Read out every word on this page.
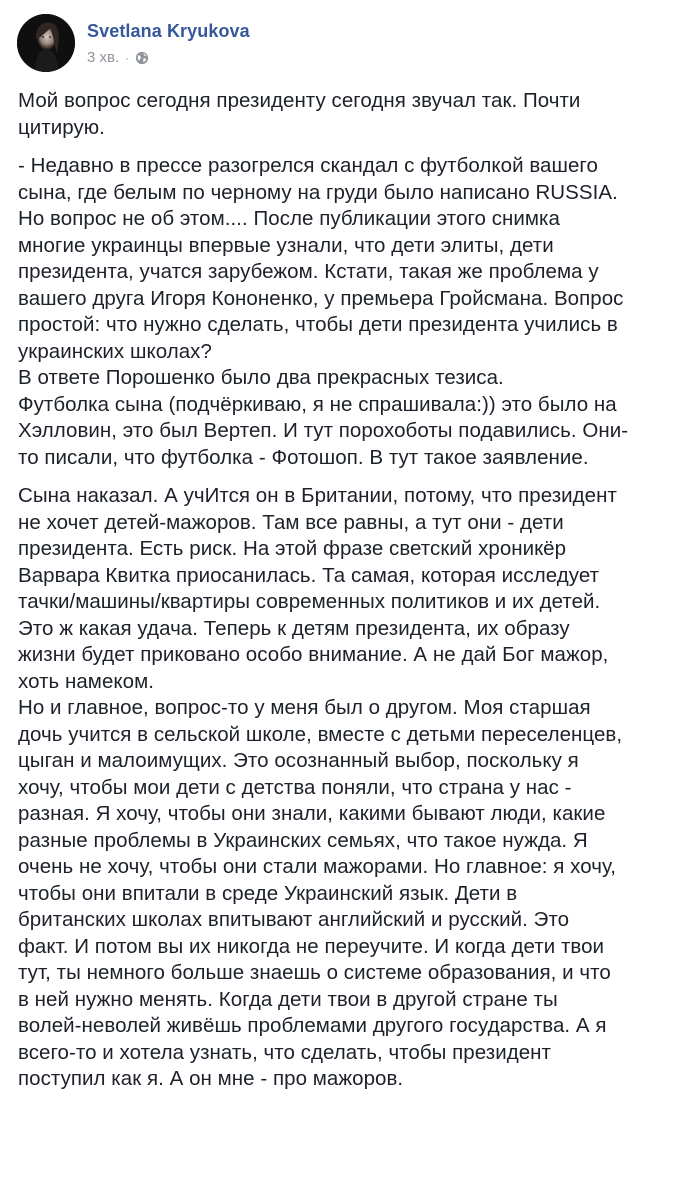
Svetlana Kryukova
3 хв. ·

Мой вопрос сегодня президенту сегодня звучал так. Почти
цитирую.

- Недавно в прессе разогрелся скандал с футболкой вашего
сына, где белым по черному на груди было написано RUSSIA.
Но вопрос не об этом.... После публикации этого снимка
многие украинцы впервые узнали, что дети элиты, дети
президента, учатся зарубежом. Кстати, такая же проблема у
вашего друга Игоря Кононенко, у премьера Гройсмана. Вопрос
простой: что нужно сделать, чтобы дети президента учились в
украинских школах?

В ответе Порошенко было два прекрасных тезиса.
Футболка сына (подчёркиваю, я не спрашивала:)) это было на
Хэлловин, это был Вертеп. И тут порохоботы подавились. Они-
то писали, что футболка - Фотошоп. В тут такое заявление.

Сына наказал. А учИтся он в Британии, потому, что президент
не хочет детей-мажоров. Там все равны, а тут они - дети
президента. Есть риск. На этой фразе светский хроникёр
Варвара Квитка приосанилась. Та самая, которая исследует
тачки/машины/квартиры современных политиков и их детей.
Это ж какая удача. Теперь к детям президента, их образу
жизни будет приковано особо внимание. А не дай Бог мажор,
хоть намеком.

Но и главное, вопрос-то у меня был о другом. Моя старшая
дочь учится в сельской школе, вместе с детьми переселенцев,
цыган и малоимущих. Это осознанный выбор, поскольку я
хочу, чтобы мои дети с детства поняли, что страна у нас -
разная. Я хочу, чтобы они знали, какими бывают люди, какие
разные проблемы в Украинских семьях, что такое нужда. Я
очень не хочу, чтобы они стали мажорами. Но главное: я хочу,
чтобы они впитали в среде Украинский язык. Дети в
британских школах впитывают английский и русский. Это
факт. И потом вы их никогда не переучите. И когда дети твои
тут, ты немного больше знаешь о системе образования, и что
в ней нужно менять. Когда дети твои в другой стране ты
волей-неволей живёшь проблемами другого государства. А я
всего-то и хотела узнать, что сделать, чтобы президент
поступил как я. А он мне - про мажоров.
